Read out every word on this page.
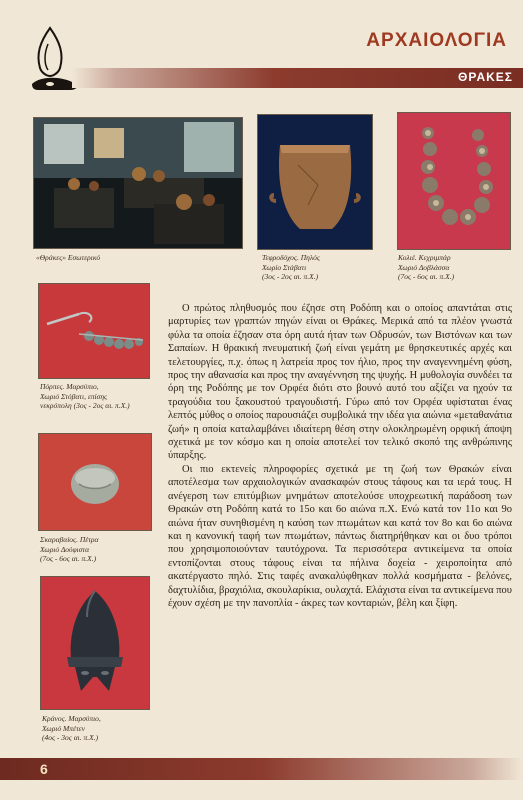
ΑΡΧΑΙΟΛΟΓΙΑ
ΘΡΑΚΕΣ
«Θράκες» Εσωτερικό	Τεφροδόχος. Πηλός
Χωρίο Στάβατι
(3ος - 2ος αι. π.Χ.)
Κολιέ. Κεχριμπάρ
Χωριό Δοβλάσσα
(7ος - 6ος αι. π.Χ.)
Πόρπες. Μαρσύπιο,
Χωριό Στόβατι, επίσης
νεκρόπολη (3ος - 2ος αι. π.Χ.)
Σκαραβαίος. Πέτρα
Χωριό Δούφιστα
(7ος - 6ος αι. π.Χ.)
Κράνος. Μαρσύπιο,
Χωριό Μπέτεν
(4ος - 3ος αι. π.Χ.)

Ο πρώτος πληθυσμός που έζησε στη Ροδόπη και ο οποίος απαντάται στις μαρτυρίες των γραπτών πηγών είναι οι Θράκες. Μερικά από τα πλέον γνωστά φύλα τα οποία έζησαν στα όρη αυτά ήταν των Οδρυσών, των Βιστόνων και των Σαπαίων. Η θρακική πνευματική ζωή είναι γεμάτη με θρησκευτικές αρχές και τελετουργίες, π.χ. όπως η λατρεία προς τον ήλιο, προς την αναγεννημένη φύση, προς την αθανασία και προς την αναγέννηση της ψυχής. Η μυθολογία συνδέει τα όρη της Ροδόπης με τον Ορφέα διότι στο βουνό αυτό του αξίζει να ηχούν τα τραγούδια του ξακουστού τραγουδιστή. Γύρω από τον Ορφέα υφίσταται ένας λεπτός μύθος ο οποίος παρουσιάζει συμβολικά την ιδέα για αιώνια «μεταθανάτια ζωή» η οποία καταλαμβάνει ιδιαίτερη θέση στην ολοκληρωμένη ορφική άποψη σχετικά με τον κόσμο και η οποία αποτελεί τον τελικό σκοπό της ανθρώπινης ύπαρξης.

Οι πιο εκτενείς πληροφορίες σχετικά με τη ζωή των Θρακών είναι αποτέλεσμα των αρχαιολογικών ανασκαφών στους τάφους και τα ιερά τους. Η ανέγερση των επιτύμβιων μνημάτων αποτελούσε υποχρεωτική παράδοση των Θρακών στη Ροδόπη κατά το 15ο και 6ο αιώνα π.Χ. Ενώ κατά τον 11ο και 9ο αιώνα ήταν συνηθισμένη η καύση των πτωμάτων και κατά τον 8ο και 6ο αιώνα και η κανονική ταφή των πτωμάτων, πάντως διατηρήθηκαν και οι δυο τρόποι που χρησιμοποιούνταν ταυτόχρονα. Τα περισσότερα αντικείμενα τα οποία εντοπίζονται στους τάφους είναι τα πήλινα δοχεία - χειροποίητα από ακατέργαστο πηλό. Στις ταφές ανακαλύφθηκαν πολλά κοσμήματα - βελόνες, δαχτυλίδια, βραχιόλια, σκουλαρίκια, ουλαχτά. Ελάχιστα είναι τα αντικείμενα που έχουν σχέση με την πανοπλία - άκρες των κονταριών, βέλη και ξίφη.

6
